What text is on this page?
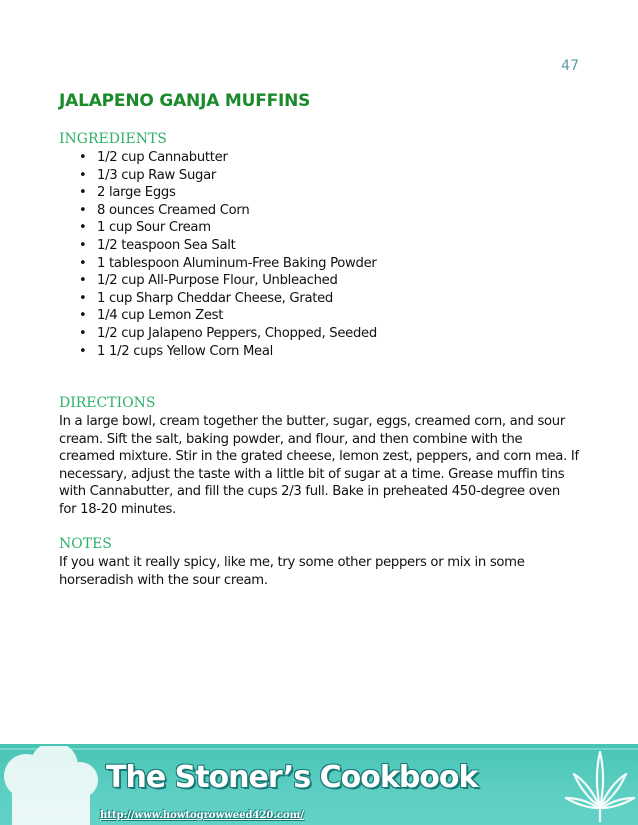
47
JALAPENO GANJA MUFFINS
INGREDIENTS
• 1/2 cup Cannabutter
• 1/3 cup Raw Sugar
• 2 large Eggs
• 8 ounces Creamed Corn
• 1 cup Sour Cream
• 1/2 teaspoon Sea Salt
• 1 tablespoon Aluminum-Free Baking Powder
• 1/2 cup All-Purpose Flour, Unbleached
• 1 cup Sharp Cheddar Cheese, Grated
• 1/4 cup Lemon Zest
• 1/2 cup Jalapeno Peppers, Chopped, Seeded
• 1 1/2 cups Yellow Corn Meal
DIRECTIONS

In a large bowl, cream together the butter, sugar, eggs, creamed corn, and sour cream. Sift the salt, baking powder, and flour, and then combine with the creamed mixture. Stir in the grated cheese, lemon zest, peppers, and corn mea. If necessary, adjust the taste with a little bit of sugar at a time. Grease muffin tins with Cannabutter, and fill the cups 2/3 full. Bake in preheated 450-degree oven for 18-20 minutes.

NOTES

If you want it really spicy, like me, try some other peppers or mix in some horseradish with the sour cream.

The Stoner’s Cookbook
http://www.howtogrowweed420.com/
